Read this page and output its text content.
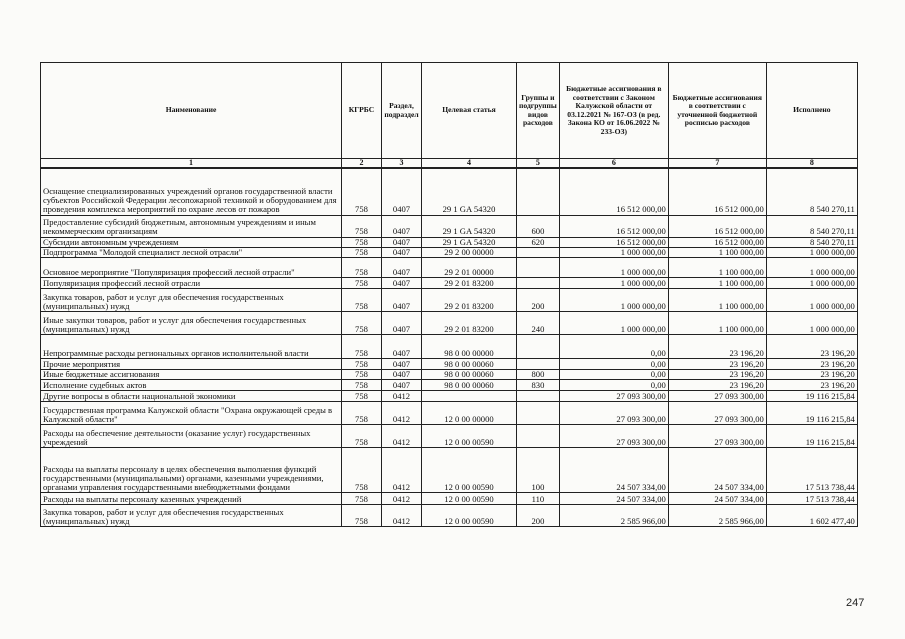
Наименование	КГРБС	Раздел, подраздел	Целевая статья	Группы и подгруппы видов расходов	Бюджетные ассигнования в соответствии с Законом Калужской области от 03.12.2021 № 167-ОЗ (в ред. Закона КО от 16.06.2022 № 233-ОЗ)	Бюджетные ассигнования в соответствии с уточненной бюджетной росписью расходов	Исполнено
1	2	3	4	5	6	7	8
Оснащение специализированных учреждений органов государственной власти субъектов Российской Федерации лесопожарной техникой и оборудованием для проведения комплекса мероприятий по охране лесов от пожаров	758	0407	29 1 GA 54320		16 512 000,00	16 512 000,00	8 540 270,11
Предоставление субсидий бюджетным, автономным учреждениям и иным некоммерческим организациям	758	0407	29 1 GA 54320	600	16 512 000,00	16 512 000,00	8 540 270,11
Субсидии автономным учреждениям	758	0407	29 1 GA 54320	620	16 512 000,00	16 512 000,00	8 540 270,11
Подпрограмма "Молодой специалист лесной отрасли"	758	0407	29 2 00 00000		1 000 000,00	1 100 000,00	1 000 000,00
Основное мероприятие "Популяризация профессий лесной отрасли"	758	0407	29 2 01 00000		1 000 000,00	1 100 000,00	1 000 000,00
Популяризация профессий лесной отрасли	758	0407	29 2 01 83200		1 000 000,00	1 100 000,00	1 000 000,00
Закупка товаров, работ и услуг для обеспечения государственных (муниципальных) нужд	758	0407	29 2 01 83200	200	1 000 000,00	1 100 000,00	1 000 000,00
Иные закупки товаров, работ и услуг для обеспечения государственных (муниципальных) нужд	758	0407	29 2 01 83200	240	1 000 000,00	1 100 000,00	1 000 000,00
Непрограммные расходы региональных органов исполнительной власти	758	0407	98 0 00 00000		0,00	23 196,20	23 196,20
Прочие мероприятия	758	0407	98 0 00 00060		0,00	23 196,20	23 196,20
Иные бюджетные ассигнования	758	0407	98 0 00 00060	800	0,00	23 196,20	23 196,20
Исполнение судебных актов	758	0407	98 0 00 00060	830	0,00	23 196,20	23 196,20
Другие вопросы в области национальной экономики	758	0412			27 093 300,00	27 093 300,00	19 116 215,84
Государственная программа Калужской области "Охрана окружающей среды в Калужской области"	758	0412	12 0 00 00000		27 093 300,00	27 093 300,00	19 116 215,84
Расходы на обеспечение деятельности (оказание услуг) государственных учреждений	758	0412	12 0 00 00590		27 093 300,00	27 093 300,00	19 116 215,84
Расходы на выплаты персоналу в целях обеспечения выполнения функций государственными (муниципальными) органами, казенными учреждениями, органами управления государственными внебюджетными фондами	758	0412	12 0 00 00590	100	24 507 334,00	24 507 334,00	17 513 738,44
Расходы на выплаты персоналу казенных учреждений	758	0412	12 0 00 00590	110	24 507 334,00	24 507 334,00	17 513 738,44
Закупка товаров, работ и услуг для обеспечения государственных (муниципальных) нужд	758	0412	12 0 00 00590	200	2 585 966,00	2 585 966,00	1 602 477,40
247
